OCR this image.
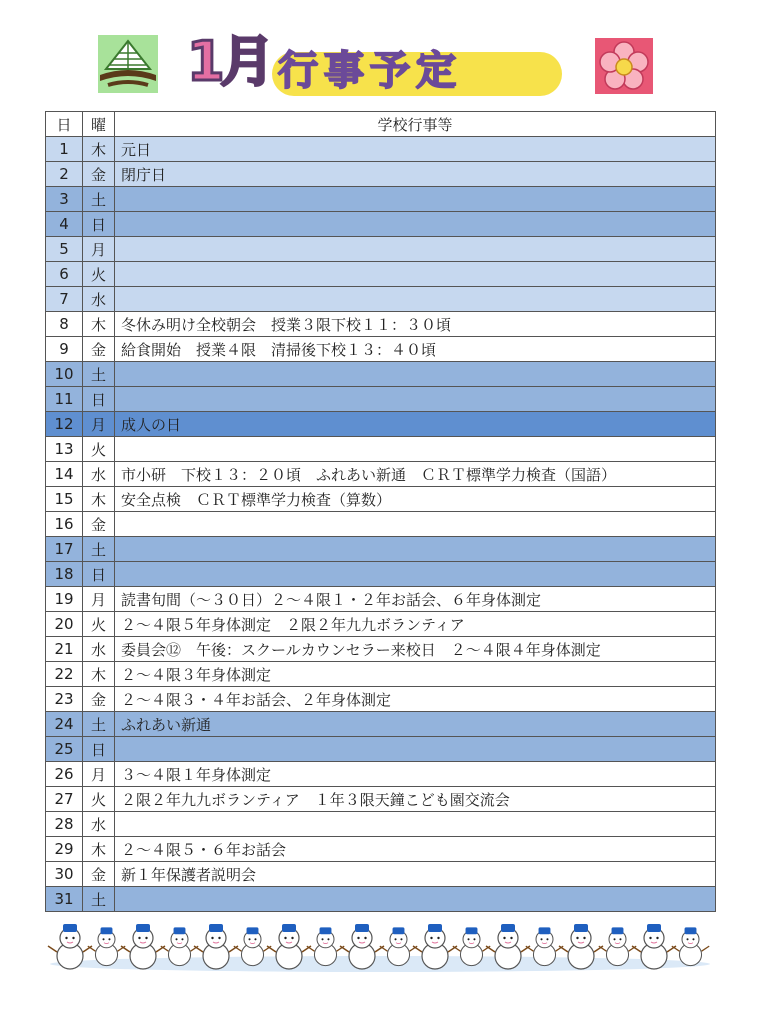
1月 行事予定
日	曜	学校行事等
1	木	元日
2	金	閉庁日
3	土	
4	日	
5	月	
6	火	
7	水	
8	木	冬休み明け全校朝会　授業３限下校１１：３０頃
9	金	給食開始　授業４限　清掃後下校１３：４０頃
10	土	
11	日	
12	月	成人の日
13	火	
14	水	市小研　下校１３：２０頃　ふれあい新通　ＣＲＴ標準学力検査（国語）
15	木	安全点検　ＣＲＴ標準学力検査（算数）
16	金	
17	土	
18	日	
19	月	読書旬間（～３０日）２～４限１・２年お話会、６年身体測定
20	火	２～４限５年身体測定　２限２年九九ボランティア
21	水	委員会⑫　午後：スクールカウンセラー来校日　２～４限４年身体測定
22	木	２～４限３年身体測定
23	金	２～４限３・４年お話会、２年身体測定
24	土	ふれあい新通
25	日	
26	月	３～４限１年身体測定
27	火	２限２年九九ボランティア　１年３限天鐘こども園交流会
28	水	
29	木	２～４限５・６年お話会
30	金	新１年保護者説明会
31	土	
